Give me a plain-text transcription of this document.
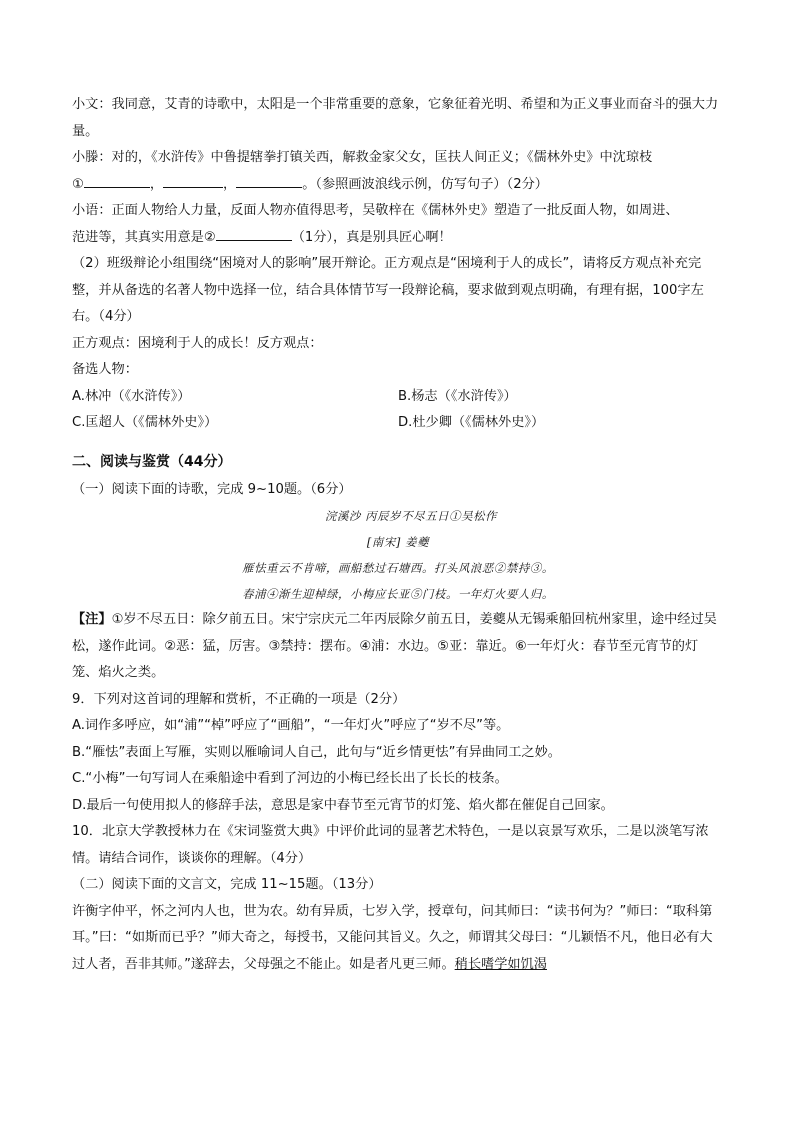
小文：我同意，艾青的诗歌中，太阳是一个非常重要的意象，它象征着光明、希望和为正义事业而奋斗的强大力量。

小滕：对的，《水浒传》中鲁提辖拳打镇关西，解救金家父女，匡扶人间正义；《儒林外史》中沈琼枝

①	，	，	。（参照画波浪线示例，仿写句子）（2分）

小语：正面人物给人力量，反面人物亦值得思考，吴敬梓在《儒林外史》塑造了一批反面人物，如周进、

范进等，其真实用意是②	（1分），真是别具匠心啊！

（2）班级辩论小组围绕“困境对人的影响”展开辩论。正方观点是“困境利于人的成长”，请将反方观点补充完整，并从备选的名著人物中选择一位，结合具体情节写一段辩论稿，要求做到观点明确，有理有据，100字左右。（4分）

正方观点：困境利于人的成长！反方观点：

备选人物：

A.林冲（《水浒传》）	B.杨志（《水浒传》）
C.匡超人（《儒林外史》）	D.杜少卿（《儒林外史》）
二、阅读与鉴赏（44分）

（一）阅读下面的诗歌，完成 9~10题。（6分）

浣溪沙 丙辰岁不尽五日①吴松作
[南宋] 姜夔
雁怯重云不肯啼，画船愁过石塘西。打头风浪恶②禁持③。
春浦④渐生迎棹绿，小梅应长亚⑤门枝。一年灯火要人归。

【注】①岁不尽五日：除夕前五日。宋宁宗庆元二年丙辰除夕前五日，姜夔从无锡乘船回杭州家里，途中经过吴松，遂作此词。②恶：猛，厉害。③禁持：摆布。④浦：水边。⑤亚：靠近。⑥一年灯火：春节至元宵节的灯笼、焰火之类。

9．下列对这首词的理解和赏析，不正确的一项是（2分）

A.词作多呼应，如“浦”“棹”呼应了“画船”，“一年灯火”呼应了“岁不尽”等。

B.“雁怯”表面上写雁，实则以雁喻词人自己，此句与“近乡情更怯”有异曲同工之妙。

C.“小梅”一句写词人在乘船途中看到了河边的小梅已经长出了长长的枝条。

D.最后一句使用拟人的修辞手法，意思是家中春节至元宵节的灯笼、焰火都在催促自己回家。

10．北京大学教授林力在《宋词鉴赏大典》中评价此词的显著艺术特色，一是以哀景写欢乐，二是以淡笔写浓情。请结合词作，谈谈你的理解。（4分）

（二）阅读下面的文言文，完成 11~15题。（13分）

许衡字仲平，怀之河内人也，世为农。幼有异质，七岁入学，授章句，问其师曰：“读书何为？”师曰：“取科第耳。”曰：“如斯而已乎？”师大奇之，每授书，又能问其旨义。久之，师谓其父母曰：“儿颖悟不凡，他日必有大过人者，吾非其师。”遂辞去，父母强之不能止。如是者凡更三师。稍长嗜学如饥渴
